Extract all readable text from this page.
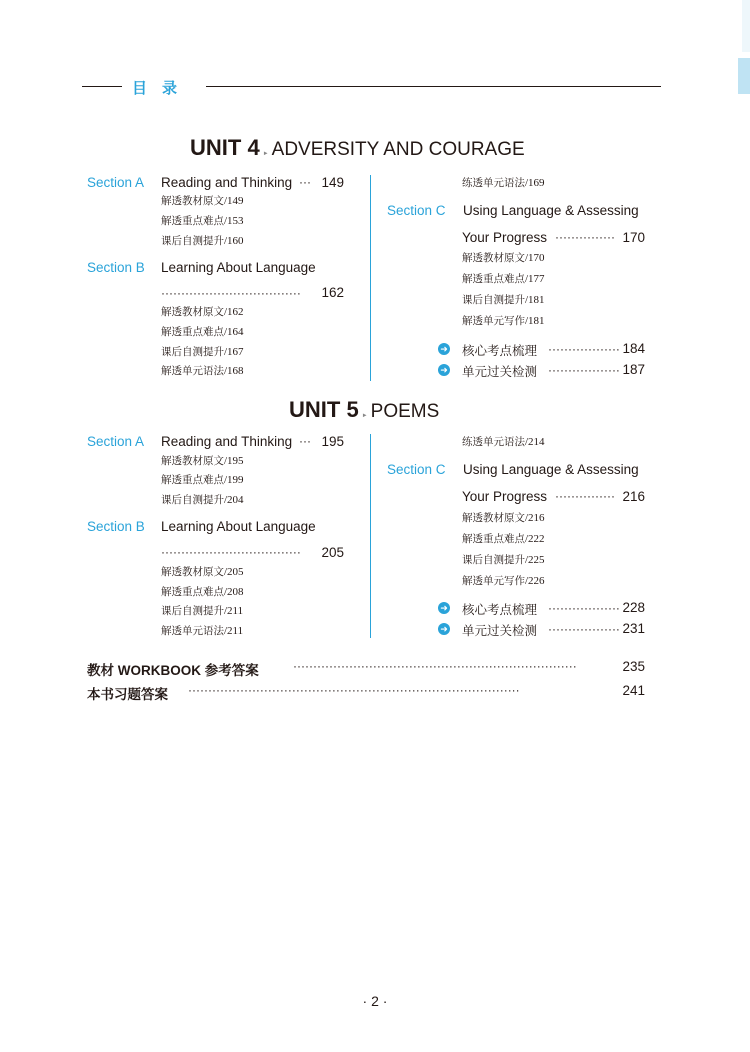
目　录
UNIT 4 ► ADVERSITY AND COURAGE
Section A Reading and Thinking ··· 149
解透教材原文/149
解透重点难点/153
课后自测提升/160
Section B Learning About Language
···································	162
解透教材原文/162
解透重点难点/164
课后自测提升/167
解透单元语法/168
练透单元语法/169
Section C Using Language & Assessing
Your Progress ··············· 170
解透教材原文/170
解透重点难点/177
课后自测提升/181
解透单元写作/181
➜ 核心考点梳理 ·················· 184
➜ 单元过关检测 ·················· 187
UNIT 5 ► POEMS
Section A Reading and Thinking ··· 195
解透教材原文/195
解透重点难点/199
课后自测提升/204
Section B Learning About Language
···································	205
解透教材原文/205
解透重点难点/208
课后自测提升/211
解透单元语法/211
练透单元语法/214
Section C Using Language & Assessing
Your Progress ··············· 216
解透教材原文/216
解透重点难点/222
课后自测提升/225
解透单元写作/226
➜ 核心考点梳理 ·················· 228
➜ 单元过关检测 ·················· 231
教材 WORKBOOK 参考答案	·······································································	235
本书习题答案 ···················································································	241
· 2 ·
